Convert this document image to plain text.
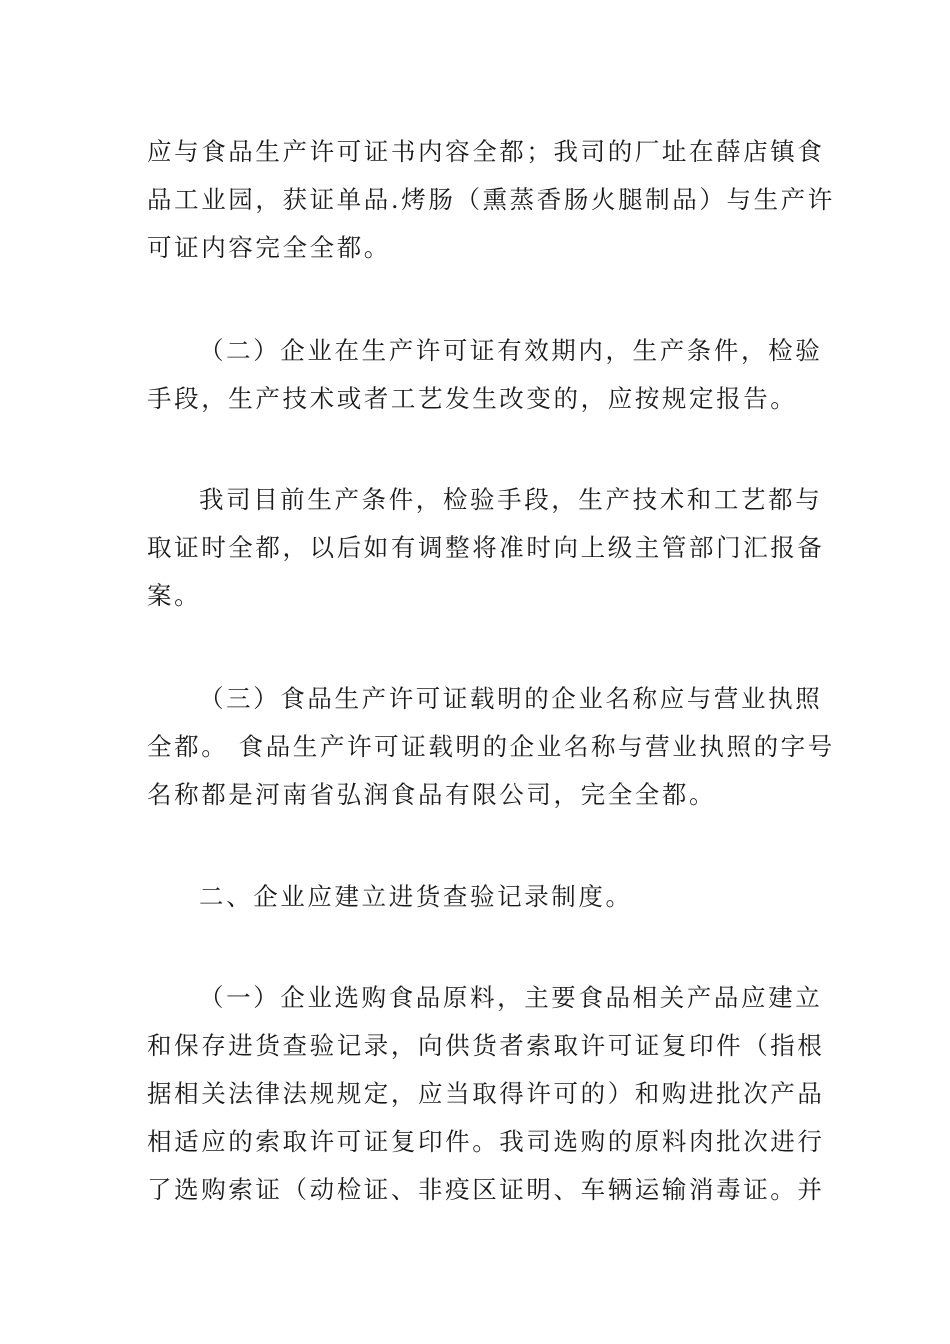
应与食品生产许可证书内容全都；我司的厂址在薛店镇食
品工业园，获证单品.烤肠（熏蒸香肠火腿制品）与生产许
可证内容完全全都。

（二）企业在生产许可证有效期内，生产条件，检验
手段，生产技术或者工艺发生改变的，应按规定报告。

我司目前生产条件，检验手段，生产技术和工艺都与
取证时全都，以后如有调整将准时向上级主管部门汇报备
案。

（三）食品生产许可证载明的企业名称应与营业执照
全都。 食品生产许可证载明的企业名称与营业执照的字号
名称都是河南省弘润食品有限公司，完全全都。

二、企业应建立进货查验记录制度。

（一）企业选购食品原料，主要食品相关产品应建立
和保存进货查验记录，向供货者索取许可证复印件（指根
据相关法律法规规定，应当取得许可的）和购进批次产品
相适应的索取许可证复印件。我司选购的原料肉批次进行
了选购索证（动检证、非疫区证明、车辆运输消毒证。并
